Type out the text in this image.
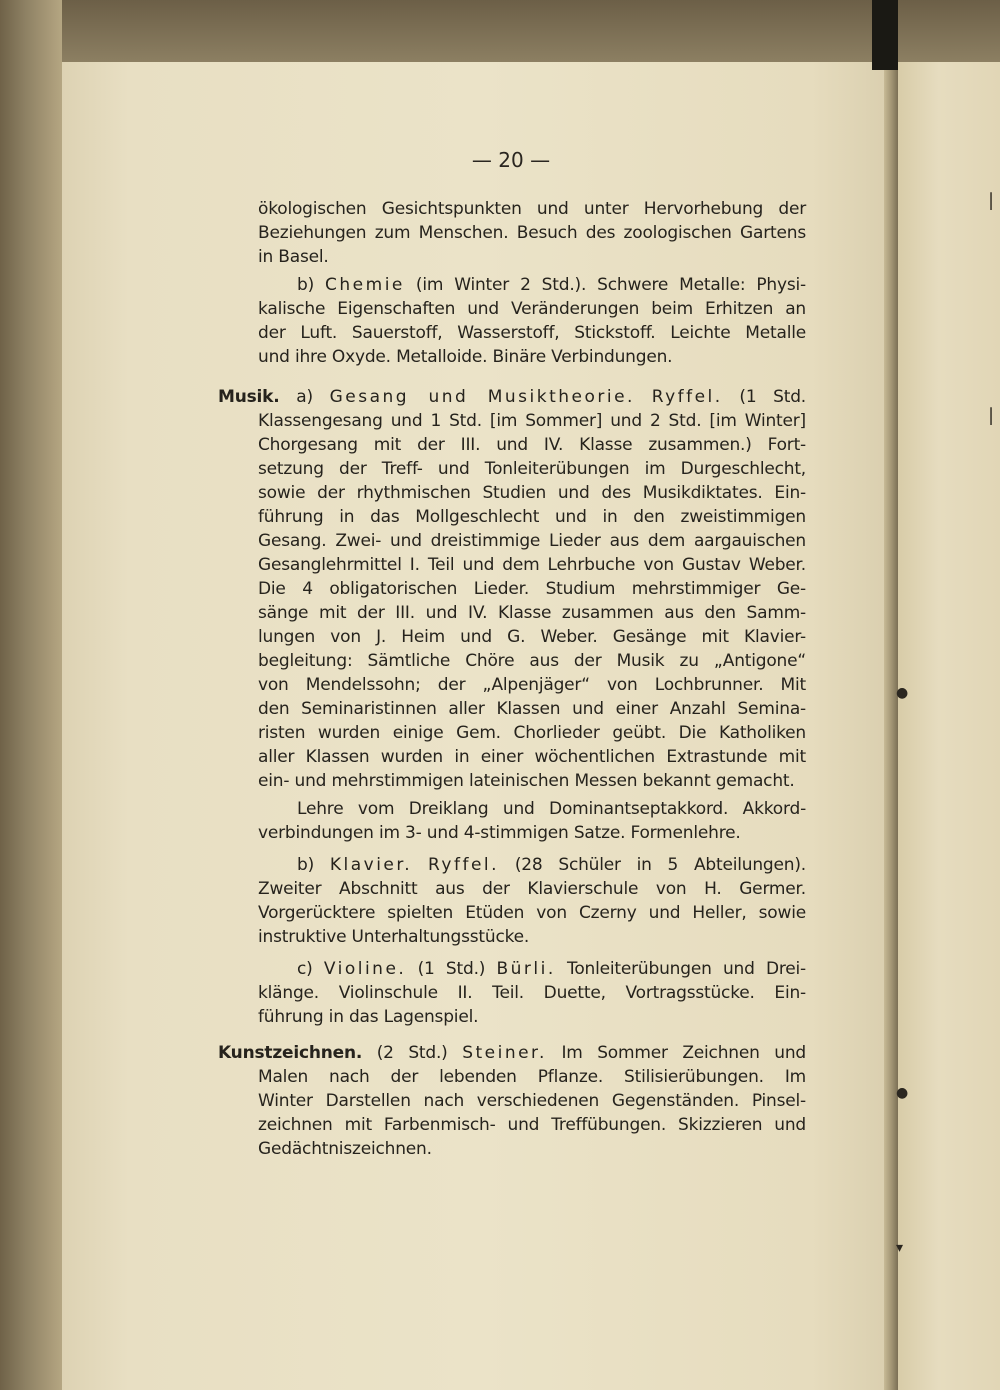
|
|
●
●
▾
— 20 —
ökologischen Gesichtspunkten und unter Hervorhebung der
Beziehungen zum Menschen. Besuch des zoologischen Gartens
in Basel.
b) Chemie (im Winter 2 Std.). Schwere Metalle: Physi-
kalische Eigenschaften und Veränderungen beim Erhitzen an
der Luft. Sauerstoff, Wasserstoff, Stickstoff. Leichte Metalle
und ihre Oxyde. Metalloide. Binäre Verbindungen.
Musik. a) Gesang und Musiktheorie. Ryffel. (1 Std.
Klassengesang und 1 Std. [im Sommer] und 2 Std. [im Winter]
Chorgesang mit der III. und IV. Klasse zusammen.) Fort-
setzung der Treff- und Tonleiterübungen im Durgeschlecht,
sowie der rhythmischen Studien und des Musikdiktates. Ein-
führung in das Mollgeschlecht und in den zweistimmigen
Gesang. Zwei- und dreistimmige Lieder aus dem aargauischen
Gesanglehrmittel I. Teil und dem Lehrbuche von Gustav Weber.
Die 4 obligatorischen Lieder. Studium mehrstimmiger Ge-
sänge mit der III. und IV. Klasse zusammen aus den Samm-
lungen von J. Heim und G. Weber. Gesänge mit Klavier-
begleitung: Sämtliche Chöre aus der Musik zu „Antigone“
von Mendelssohn; der „Alpenjäger“ von Lochbrunner. Mit
den Seminaristinnen aller Klassen und einer Anzahl Semina-
risten wurden einige Gem. Chorlieder geübt. Die Katholiken
aller Klassen wurden in einer wöchentlichen Extrastunde mit
ein- und mehrstimmigen lateinischen Messen bekannt gemacht.
Lehre vom Dreiklang und Dominantseptakkord. Akkord-
verbindungen im 3- und 4-stimmigen Satze. Formenlehre.
b) Klavier. Ryffel. (28 Schüler in 5 Abteilungen).
Zweiter Abschnitt aus der Klavierschule von H. Germer.
Vorgerücktere spielten Etüden von Czerny und Heller, sowie
instruktive Unterhaltungsstücke.
c) Violine. (1 Std.) Bürli. Tonleiterübungen und Drei-
klänge. Violinschule II. Teil. Duette, Vortragsstücke. Ein-
führung in das Lagenspiel.
Kunstzeichnen. (2 Std.) Steiner. Im Sommer Zeichnen und
Malen nach der lebenden Pflanze. Stilisierübungen. Im
Winter Darstellen nach verschiedenen Gegenständen. Pinsel-
zeichnen mit Farbenmisch- und Treffübungen. Skizzieren und
Gedächtniszeichnen.
